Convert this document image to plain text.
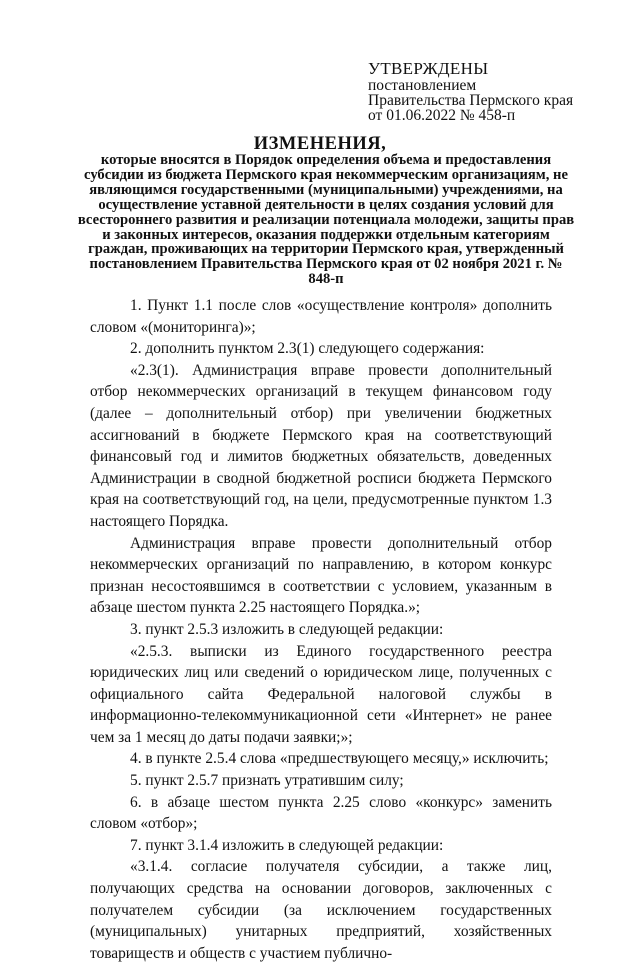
УТВЕРЖДЕНЫ
постановлением
Правительства Пермского края
от 01.06.2022 № 458-п
ИЗМЕНЕНИЯ,
которые вносятся в Порядок определения объема и предоставления субсидии из бюджета Пермского края некоммерческим организациям, не являющимся государственными (муниципальными) учреждениями, на осуществление уставной деятельности в целях создания условий для всестороннего развития и реализации потенциала молодежи, защиты прав и законных интересов, оказания поддержки отдельным категориям граждан, проживающих на территории Пермского края, утвержденный постановлением Правительства Пермского края от 02 ноября 2021 г. № 848-п

1. Пункт 1.1 после слов «осуществление контроля» дополнить словом «(мониторинга)»;

2. дополнить пунктом 2.3(1) следующего содержания:

«2.3(1). Администрация вправе провести дополнительный отбор некоммерческих организаций в текущем финансовом году (далее – дополнительный отбор) при увеличении бюджетных ассигнований в бюджете Пермского края на соответствующий финансовый год и лимитов бюджетных обязательств, доведенных Администрации в сводной бюджетной росписи бюджета Пермского края на соответствующий год, на цели, предусмотренные пунктом 1.3 настоящего Порядка.

Администрация вправе провести дополнительный отбор некоммерческих организаций по направлению, в котором конкурс признан несостоявшимся в соответствии с условием, указанным в абзаце шестом пункта 2.25 настоящего Порядка.»;

3. пункт 2.5.3 изложить в следующей редакции:

«2.5.3. выписки из Единого государственного реестра юридических лиц или сведений о юридическом лице, полученных с официального сайта Федеральной налоговой службы в информационно-телекоммуникационной сети «Интернет» не ранее чем за 1 месяц до даты подачи заявки;»;

4. в пункте 2.5.4 слова «предшествующего месяцу,» исключить;

5. пункт 2.5.7 признать утратившим силу;

6. в абзаце шестом пункта 2.25 слово «конкурс» заменить словом «отбор»;

7. пункт 3.1.4 изложить в следующей редакции:

«3.1.4. согласие получателя субсидии, а также лиц, получающих средства на основании договоров, заключенных с получателем субсидии (за исключением государственных (муниципальных) унитарных предприятий, хозяйственных товариществ и обществ с участием публично-
